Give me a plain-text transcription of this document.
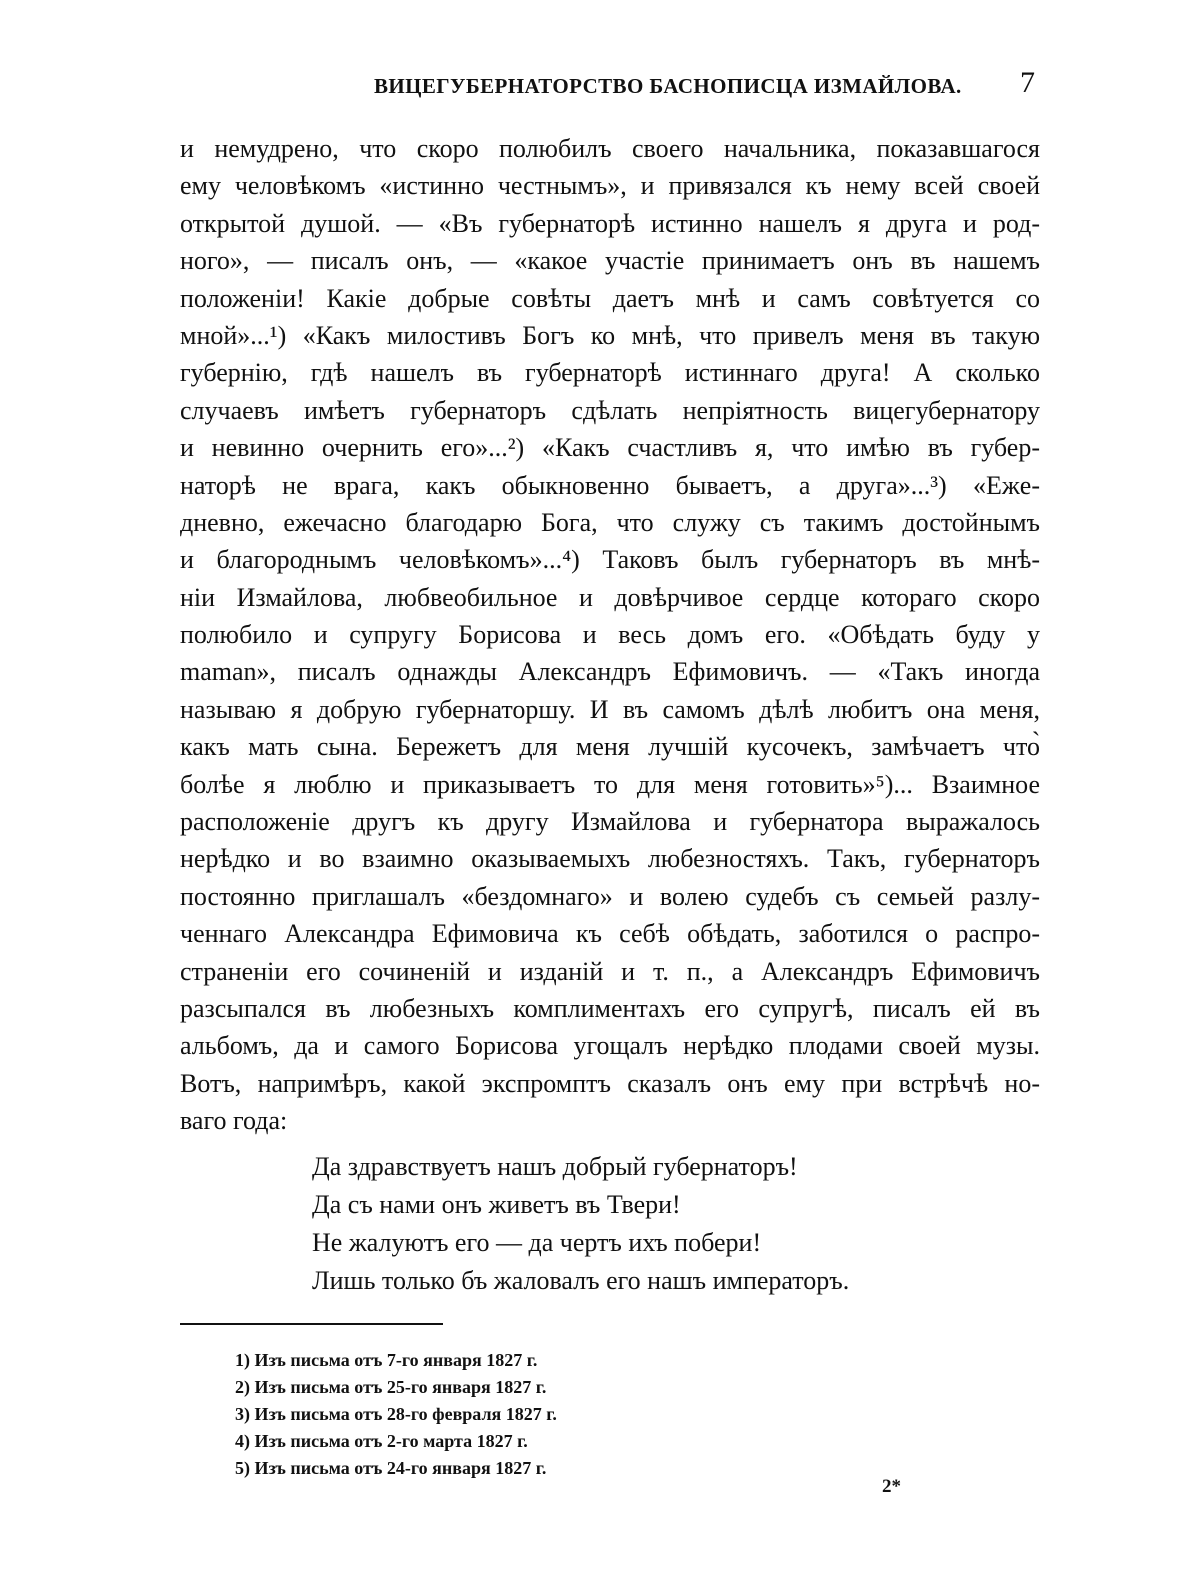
ВИЦЕГУБЕРНАТОРСТВО БАСНОПИСЦА ИЗМАЙЛОВА. 7
и немудрено, что скоро полюбилъ своего начальника, показавшагося
ему человѣкомъ «истинно честнымъ», и привязался къ нему всей своей
открытой душой. — «Въ губернаторѣ истинно нашелъ я друга и род-
ного», — писалъ онъ, — «какое участіе принимаетъ онъ въ нашемъ
положеніи! Какіе добрые совѣты даетъ мнѣ и самъ совѣтуется со
мной»...¹) «Какъ милостивъ Богъ ко мнѣ, что привелъ меня въ такую
губернію, гдѣ нашелъ въ губернаторѣ истиннаго друга! А сколько
случаевъ имѣетъ губернаторъ сдѣлать непріятность вицегубернатору
и невинно очернить его»...²) «Какъ счастливъ я, что имѣю въ губер-
наторѣ не врага, какъ обыкновенно бываетъ, а друга»...³) «Ежe-
дневно, ежечасно благодарю Бога, что служу съ такимъ достойнымъ
и благороднымъ человѣкомъ»...⁴) Таковъ былъ губернаторъ въ мнѣ-
ніи Измайлова, любвеобильное и довѣрчивое сердце котораго скоро
полюбило и супругу Борисова и весь домъ его. «Обѣдать буду у
maman», писалъ однажды Александръ Ефимовичъ. — «Такъ иногда
называю я добрую губернаторшу. И въ самомъ дѣлѣ любитъ она меня,
какъ мать сына. Бережетъ для меня лучшій кусочекъ, замѣчаетъ что̀
болѣе я люблю и приказываетъ то для меня готовить»⁵)... Взаимное
расположеніе другъ къ другу Измайлова и губернатора выражалось
нерѣдко и во взаимно оказываемыхъ любезностяхъ. Такъ, губернаторъ
постоянно приглашалъ «бездомнаго» и волею судебъ съ семьей разлу-
ченнаго Александра Ефимовича къ себѣ обѣдать, заботился о распро-
страненіи его сочиненій и изданій и т. п., а Александръ Ефимовичъ
разсыпался въ любезныхъ комплиментахъ его супругѣ, писалъ ей въ
альбомъ, да и самого Борисова угощалъ нерѣдко плодами своей музы.
Вотъ, напримѣръ, какой экспромптъ сказалъ онъ ему при встрѣчѣ но-
ваго года:
Да здравствуетъ нашъ добрый губернаторъ!
Да съ нами онъ живетъ въ Твери!
Не жалуютъ его — да чертъ ихъ побери!
Лишь только бъ жаловалъ его нашъ императоръ.
1) Изъ письма отъ 7-го января 1827 г.
2) Изъ письма отъ 25-го января 1827 г.
3) Изъ письма отъ 28-го февраля 1827 г.
4) Изъ письма отъ 2-го марта 1827 г.
5) Изъ письма отъ 24-го января 1827 г.
2*
